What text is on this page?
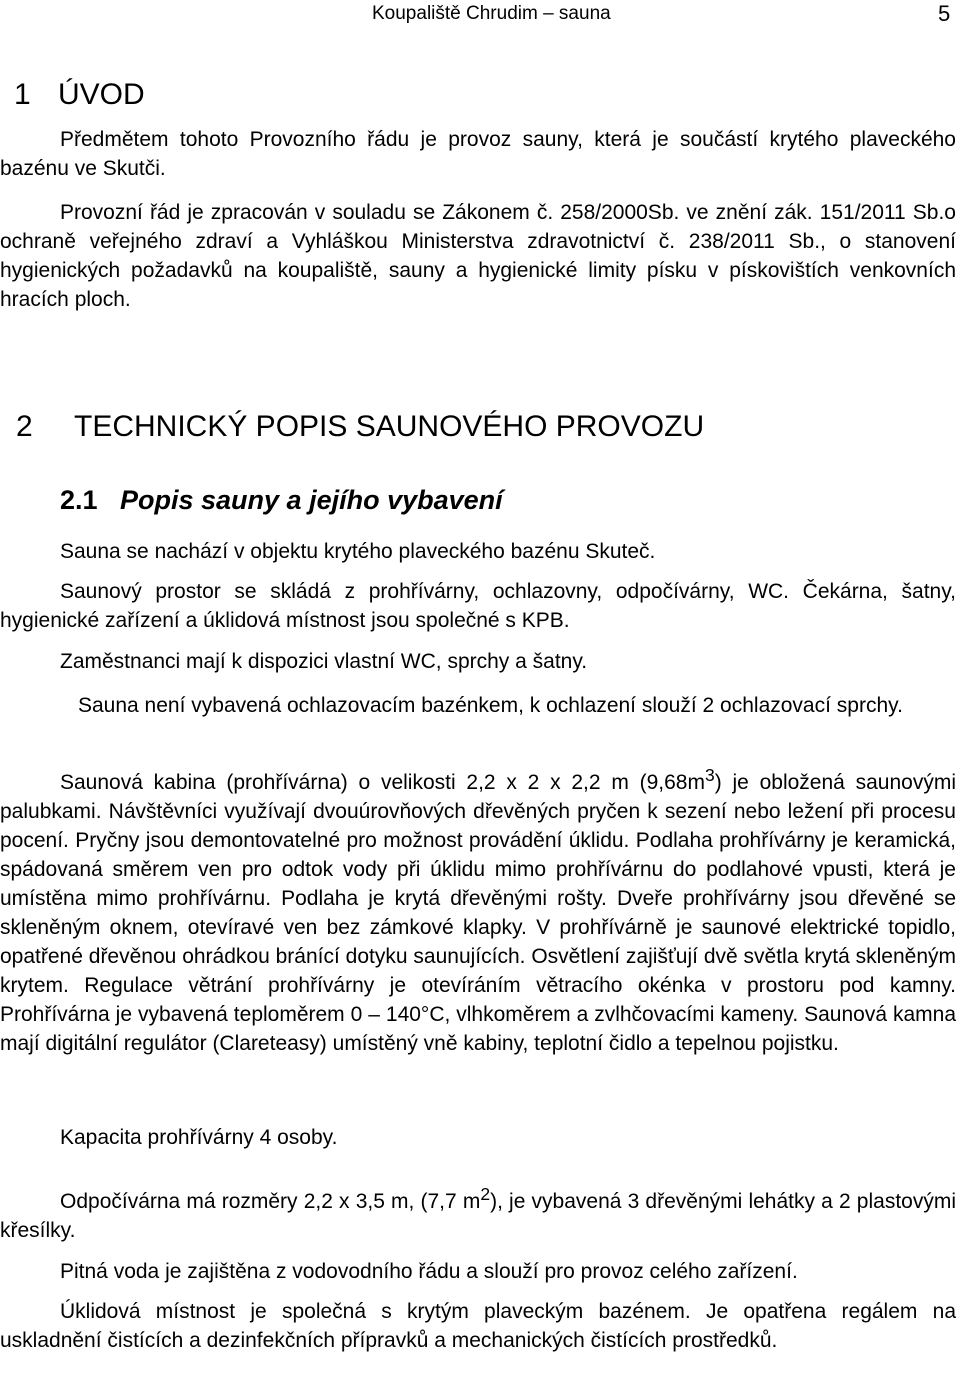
Koupaliště Chrudim – sauna	5
1 ÚVOD

Předmětem tohoto Provozního řádu je provoz sauny, která je součástí krytého plaveckého bazénu ve Skutči.

Provozní řád je zpracován v souladu se Zákonem č. 258/2000Sb. ve znění zák. 151/2011 Sb.o ochraně veřejného zdraví a Vyhláškou Ministerstva zdravotnictví č. 238/2011 Sb., o stanovení hygienických požadavků na koupaliště, sauny a hygienické limity písku v pískovištích venkovních hracích ploch.

2 TECHNICKÝ POPIS SAUNOVÉHO PROVOZU
2.1 Popis sauny a jejího vybavení

Sauna se nachází v objektu krytého plaveckého bazénu Skuteč.

Saunový prostor se skládá z prohřívárny, ochlazovny, odpočívárny, WC. Čekárna, šatny, hygienické zařízení a úklidová místnost jsou společné s KPB.

Zaměstnanci mají k dispozici vlastní WC, sprchy a šatny.

Sauna není vybavená ochlazovacím bazénkem, k ochlazení slouží 2 ochlazovací sprchy.

Saunová kabina (prohřívárna) o velikosti 2,2 x 2 x 2,2 m $(9,68m^3)$ je obložená saunovými palubkami. Návštěvníci využívají dvouúrovňových dřevěných pryčen k sezení nebo ležení při procesu pocení. Pryčny jsou demontovatelné pro možnost provádění úklidu. Podlaha prohřívárny je keramická, spádovaná směrem ven pro odtok vody při úklidu mimo prohřívárnu do podlahové vpusti, která je umístěna mimo prohřívárnu. Podlaha je krytá dřevěnými rošty. Dveře prohřívárny jsou dřevěné se skleněným oknem, otevíravé ven bez zámkové klapky. V prohřívárně je saunové elektrické topidlo, opatřené dřevěnou ohrádkou bránící dotyku saunujících. Osvětlení zajišťují dvě světla krytá skleněným krytem. Regulace větrání prohřívárny je otevíráním větracího okénka v prostoru pod kamny. Prohřívárna je vybavená teploměrem 0 – 140°C, vlhkoměrem a zvlhčovacími kameny. Saunová kamna mají digitální regulátor (Clareteasy) umístěný vně kabiny, teplotní čidlo a tepelnou pojistku.

Kapacita prohřívárny 4 osoby.

Odpočívárna má rozměry 2,2 x 3,5 m, (7,7 $m^2$), je vybavená 3 dřevěnými lehátky a 2 plastovými křesílky.

Pitná voda je zajištěna z vodovodního řádu a slouží pro provoz celého zařízení.

Úklidová místnost je společná s krytým plaveckým bazénem. Je opatřena regálem na uskladnění čistících a dezinfekčních přípravků a mechanických čistících prostředků.
